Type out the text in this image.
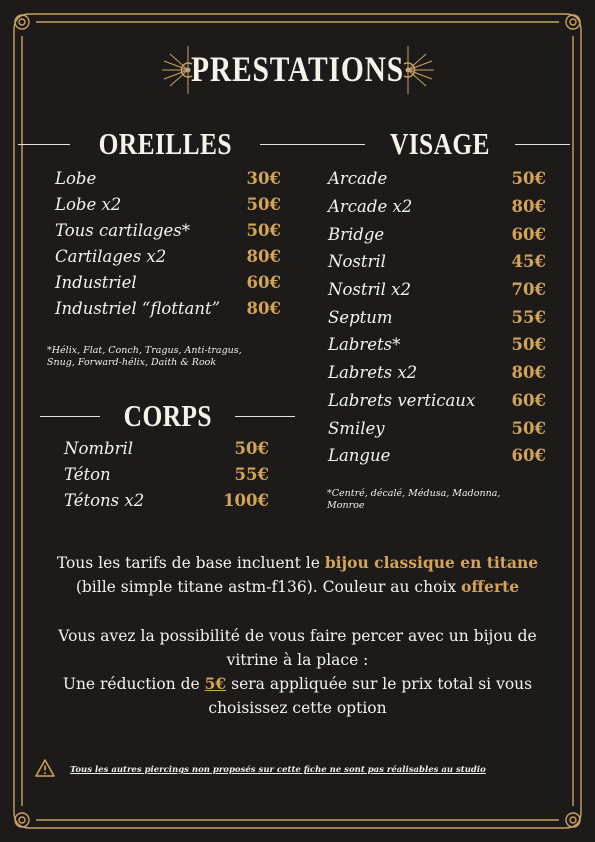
PRESTATIONS
OREILLES
Lobe	30€
Lobe x2	50€
Tous cartilages*	50€
Cartilages x2	80€
Industriel	60€
Industriel “flottant” 80€
*Hélix, Flat, Conch, Tragus, Anti-tragus,
Snug, Forward-hélix, Daith & Rook
CORPS
Nombril	50€
Téton	55€
Tétons x2	100€
VISAGE
Arcade	50€
Arcade x2	80€
Bridge	60€
Nostril	45€
Nostril x2	70€
Septum	55€
Labrets*	50€
Labrets x2	80€
Labrets verticaux 60€
Smiley	50€
Langue	60€
*Centré, décalé, Médusa, Madonna,
Monroe
Tous les tarifs de base incluent le bijou classique en titane
(bille simple titane astm-f136). Couleur au choix offerte
Vous avez la possibilité de vous faire percer avec un bijou de
vitrine à la place :
Une réduction de 5€ sera appliquée sur le prix total si vous
choisissez cette option
Tous les autres piercings non proposés sur cette fiche ne sont pas réalisables au studio
